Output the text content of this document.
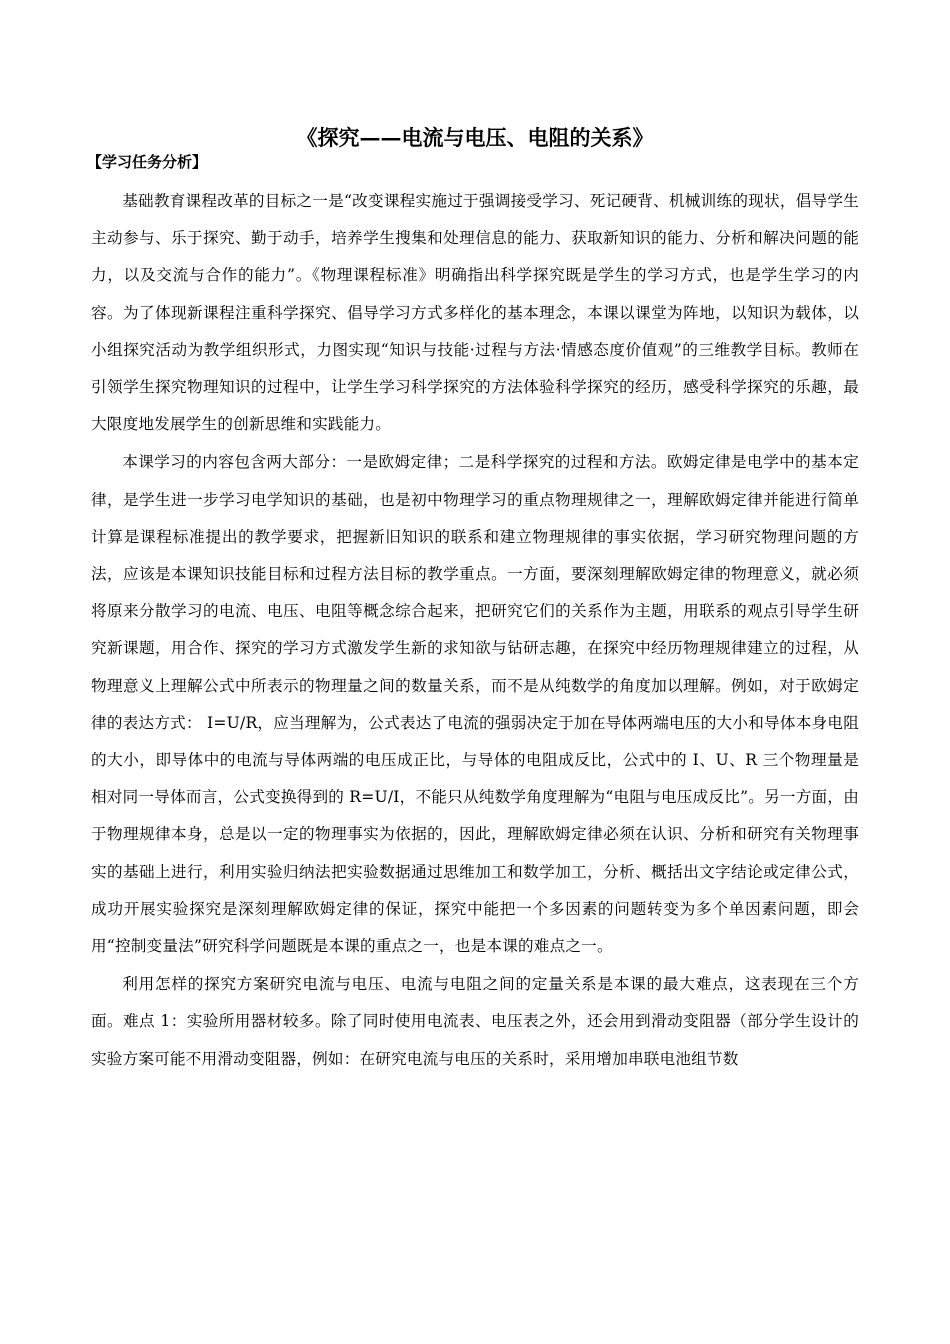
《探究——电流与电压、电阻的关系》
【学习任务分析】

基础教育课程改革的目标之一是“改变课程实施过于强调接受学习、死记硬背、机械训练的现状，倡导学生主动参与、乐于探究、勤于动手，培养学生搜集和处理信息的能力、获取新知识的能力、分析和解决问题的能力，以及交流与合作的能力”。《物理课程标准》明确指出科学探究既是学生的学习方式，也是学生学习的内容。为了体现新课程注重科学探究、倡导学习方式多样化的基本理念，本课以课堂为阵地，以知识为载体，以小组探究活动为教学组织形式，力图实现“知识与技能·过程与方法·情感态度价值观”的三维教学目标。教师在引领学生探究物理知识的过程中，让学生学习科学探究的方法体验科学探究的经历，感受科学探究的乐趣，最大限度地发展学生的创新思维和实践能力。

本课学习的内容包含两大部分：一是欧姆定律；二是科学探究的过程和方法。欧姆定律是电学中的基本定律，是学生进一步学习电学知识的基础，也是初中物理学习的重点物理规律之一，理解欧姆定律并能进行简单计算是课程标准提出的教学要求，把握新旧知识的联系和建立物理规律的事实依据，学习研究物理问题的方法，应该是本课知识技能目标和过程方法目标的教学重点。一方面，要深刻理解欧姆定律的物理意义，就必须将原来分散学习的电流、电压、电阻等概念综合起来，把研究它们的关系作为主题，用联系的观点引导学生研究新课题，用合作、探究的学习方式激发学生新的求知欲与钻研志趣，在探究中经历物理规律建立的过程，从物理意义上理解公式中所表示的物理量之间的数量关系，而不是从纯数学的角度加以理解。例如，对于欧姆定律的表达方式： I=U/R，应当理解为，公式表达了电流的强弱决定于加在导体两端电压的大小和导体本身电阻的大小，即导体中的电流与导体两端的电压成正比，与导体的电阻成反比，公式中的 I、U、R 三个物理量是相对同一导体而言，公式变换得到的 R=U/I，不能只从纯数学角度理解为“电阻与电压成反比”。另一方面，由于物理规律本身，总是以一定的物理事实为依据的，因此，理解欧姆定律必须在认识、分析和研究有关物理事实的基础上进行，利用实验归纳法把实验数据通过思维加工和数学加工，分析、概括出文字结论或定律公式，成功开展实验探究是深刻理解欧姆定律的保证，探究中能把一个多因素的问题转变为多个单因素问题，即会用“控制变量法”研究科学问题既是本课的重点之一，也是本课的难点之一。

利用怎样的探究方案研究电流与电压、电流与电阻之间的定量关系是本课的最大难点，这表现在三个方面。难点 1：实验所用器材较多。除了同时使用电流表、电压表之外，还会用到滑动变阻器（部分学生设计的实验方案可能不用滑动变阻器，例如：在研究电流与电压的关系时，采用增加串联电池组节数
